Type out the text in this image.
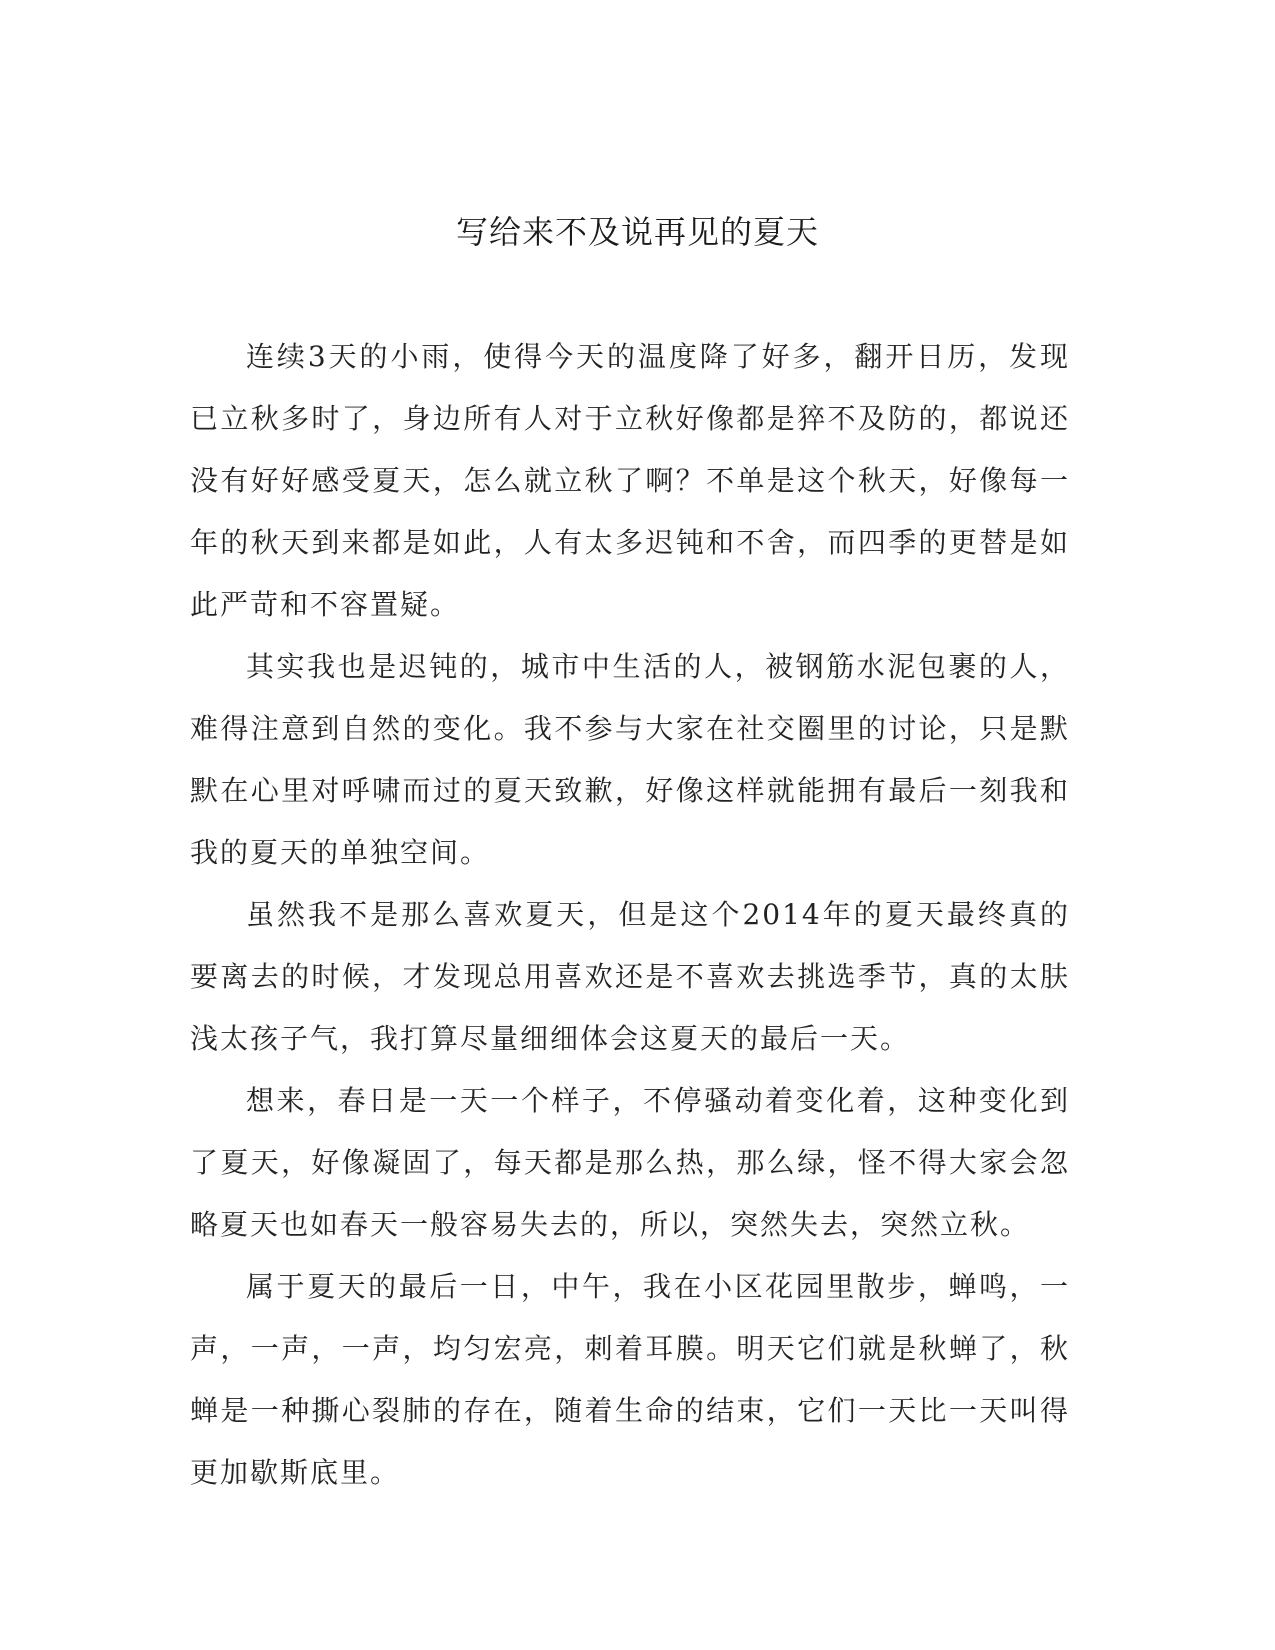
写给来不及说再见的夏天

连续3天的小雨，使得今天的温度降了好多，翻开日历，发现已立秋多时了，身边所有人对于立秋好像都是猝不及防的，都说还没有好好感受夏天，怎么就立秋了啊？不单是这个秋天，好像每一年的秋天到来都是如此，人有太多迟钝和不舍，而四季的更替是如此严苛和不容置疑。

其实我也是迟钝的，城市中生活的人，被钢筋水泥包裹的人，难得注意到自然的变化。我不参与大家在社交圈里的讨论，只是默默在心里对呼啸而过的夏天致歉，好像这样就能拥有最后一刻我和我的夏天的单独空间。

虽然我不是那么喜欢夏天，但是这个2014年的夏天最终真的要离去的时候，才发现总用喜欢还是不喜欢去挑选季节，真的太肤浅太孩子气，我打算尽量细细体会这夏天的最后一天。

想来，春日是一天一个样子，不停骚动着变化着，这种变化到了夏天，好像凝固了，每天都是那么热，那么绿，怪不得大家会忽略夏天也如春天一般容易失去的，所以，突然失去，突然立秋。

属于夏天的最后一日，中午，我在小区花园里散步，蝉鸣，一声，一声，一声，均匀宏亮，刺着耳膜。明天它们就是秋蝉了，秋蝉是一种撕心裂肺的存在，随着生命的结束，它们一天比一天叫得更加歇斯底里。
